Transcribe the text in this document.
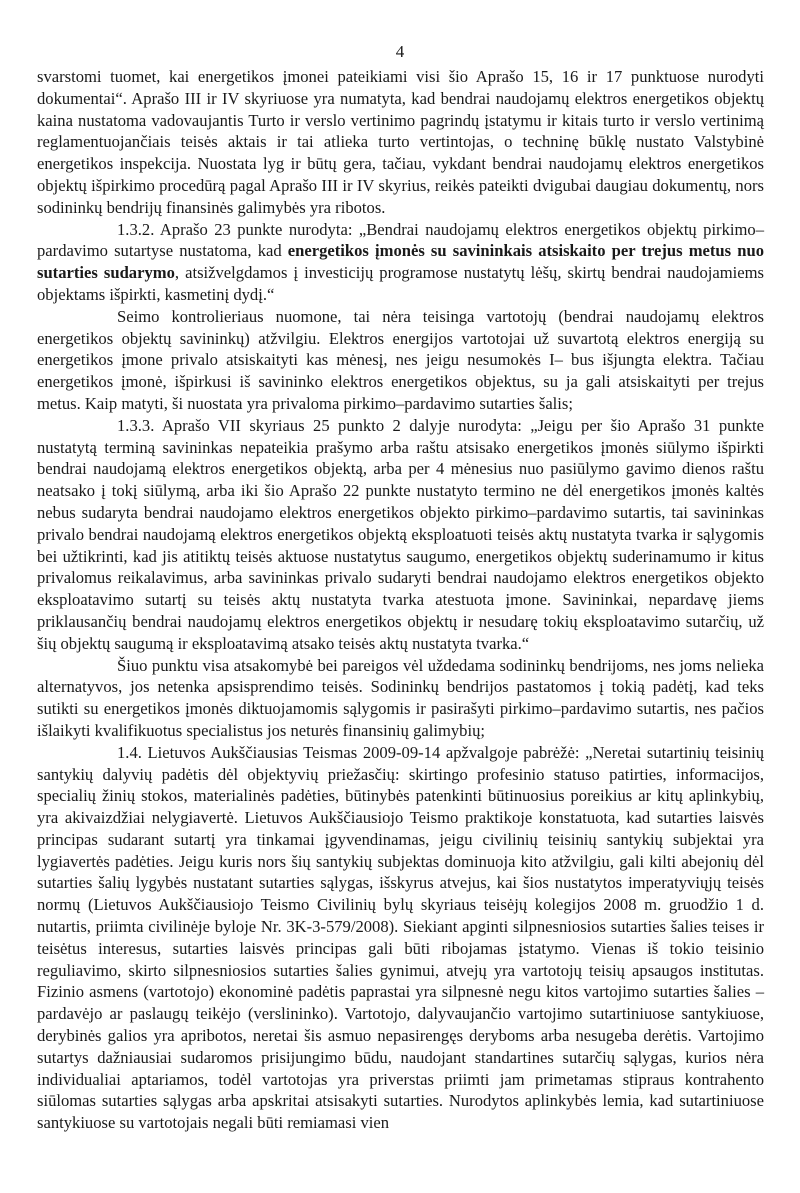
4

svarstomi tuomet, kai energetikos įmonei pateikiami visi šio Aprašo 15, 16 ir 17 punktuose nurodyti dokumentai“. Aprašo III ir IV skyriuose yra numatyta, kad bendrai naudojamų elektros energetikos objektų kaina nustatoma vadovaujantis Turto ir verslo vertinimo pagrindų įstatymu ir kitais turto ir verslo vertinimą reglamentuojančiais teisės aktais ir tai atlieka turto vertintojas, o techninę būklę nustato Valstybinė energetikos inspekcija. Nuostata lyg ir būtų gera, tačiau, vykdant bendrai naudojamų elektros energetikos objektų išpirkimo procedūrą pagal Aprašo III ir IV skyrius, reikės pateikti dvigubai daugiau dokumentų, nors sodininkų bendrijų finansinės galimybės yra ribotos.

1.3.2. Aprašo 23 punkte nurodyta: „Bendrai naudojamų elektros energetikos objektų pirkimo–pardavimo sutartyse nustatoma, kad energetikos įmonės su savininkais atsiskaito per trejus metus nuo sutarties sudarymo, atsižvelgdamos į investicijų programose nustatytų lėšų, skirtų bendrai naudojamiems objektams išpirkti, kasmetinį dydį.“

Seimo kontrolieriaus nuomone, tai nėra teisinga vartotojų (bendrai naudojamų elektros energetikos objektų savininkų) atžvilgiu. Elektros energijos vartotojai už suvartotą elektros energiją su energetikos įmone privalo atsiskaityti kas mėnesį, nes jeigu nesumokės I– bus išjungta elektra. Tačiau energetikos įmonė, išpirkusi iš savininko elektros energetikos objektus, su ja gali atsiskaityti per trejus metus. Kaip matyti, ši nuostata yra privaloma pirkimo–pardavimo sutarties šalis;

1.3.3. Aprašo VII skyriaus 25 punkto 2 dalyje nurodyta: „Jeigu per šio Aprašo 31 punkte nustatytą terminą savininkas nepateikia prašymo arba raštu atsisako energetikos įmonės siūlymo išpirkti bendrai naudojamą elektros energetikos objektą, arba per 4 mėnesius nuo pasiūlymo gavimo dienos raštu neatsako į tokį siūlymą, arba iki šio Aprašo 22 punkte nustatyto termino ne dėl energetikos įmonės kaltės nebus sudaryta bendrai naudojamo elektros energetikos objekto pirkimo–pardavimo sutartis, tai savininkas privalo bendrai naudojamą elektros energetikos objektą eksploatuoti teisės aktų nustatyta tvarka ir sąlygomis bei užtikrinti, kad jis atitiktų teisės aktuose nustatytus saugumo, energetikos objektų suderinamumo ir kitus privalomus reikalavimus, arba savininkas privalo sudaryti bendrai naudojamo elektros energetikos objekto eksploatavimo sutartį su teisės aktų nustatyta tvarka atestuota įmone. Savininkai, nepardavę jiems priklausančių bendrai naudojamų elektros energetikos objektų ir nesudarę tokių eksploatavimo sutarčių, už šių objektų saugumą ir eksploatavimą atsako teisės aktų nustatyta tvarka.“

Šiuo punktu visa atsakomybė bei pareigos vėl uždedama sodininkų bendrijoms, nes joms nelieka alternatyvos, jos netenka apsisprendimo teisės. Sodininkų bendrijos pastatomos į tokią padėtį, kad teks sutikti su energetikos įmonės diktuojamomis sąlygomis ir pasirašyti pirkimo–pardavimo sutartis, nes pačios išlaikyti kvalifikuotus specialistus jos neturės finansinių galimybių;

1.4. Lietuvos Aukščiausias Teismas 2009-09-14 apžvalgoje pabrėžė: „Neretai sutartinių teisinių santykių dalyvių padėtis dėl objektyvių priežasčių: skirtingo profesinio statuso patirties, informacijos, specialių žinių stokos, materialinės padėties, būtinybės patenkinti būtinuosius poreikius ar kitų aplinkybių, yra akivaizdžiai nelygiavertė. Lietuvos Aukščiausiojo Teismo praktikoje konstatuota, kad sutarties laisvės principas sudarant sutartį yra tinkamai įgyvendinamas, jeigu civilinių teisinių santykių subjektai yra lygiavertės padėties. Jeigu kuris nors šių santykių subjektas dominuoja kito atžvilgiu, gali kilti abejonių dėl sutarties šalių lygybės nustatant sutarties sąlygas, išskyrus atvejus, kai šios nustatytos imperatyviųjų teisės normų (Lietuvos Aukščiausiojo Teismo Civilinių bylų skyriaus teisėjų kolegijos 2008 m. gruodžio 1 d. nutartis, priimta civilinėje byloje Nr. 3K-3-579/2008). Siekiant apginti silpnesniosios sutarties šalies teises ir teisėtus interesus, sutarties laisvės principas gali būti ribojamas įstatymo. Vienas iš tokio teisinio reguliavimo, skirto silpnesniosios sutarties šalies gynimui, atvejų yra vartotojų teisių apsaugos institutas. Fizinio asmens (vartotojo) ekonominė padėtis paprastai yra silpnesnė negu kitos vartojimo sutarties šalies – pardavėjo ar paslaugų teikėjo (verslininko). Vartotojo, dalyvaujančio vartojimo sutartiniuose santykiuose, derybinės galios yra apribotos, neretai šis asmuo nepasirengęs deryboms arba nesugeba derėtis. Vartojimo sutartys dažniausiai sudaromos prisijungimo būdu, naudojant standartines sutarčių sąlygas, kurios nėra individualiai aptariamos, todėl vartotojas yra priverstas priimti jam primetamas stipraus kontrahento siūlomas sutarties sąlygas arba apskritai atsisakyti sutarties. Nurodytos aplinkybės lemia, kad sutartiniuose santykiuose su vartotojais negali būti remiamasi vien
